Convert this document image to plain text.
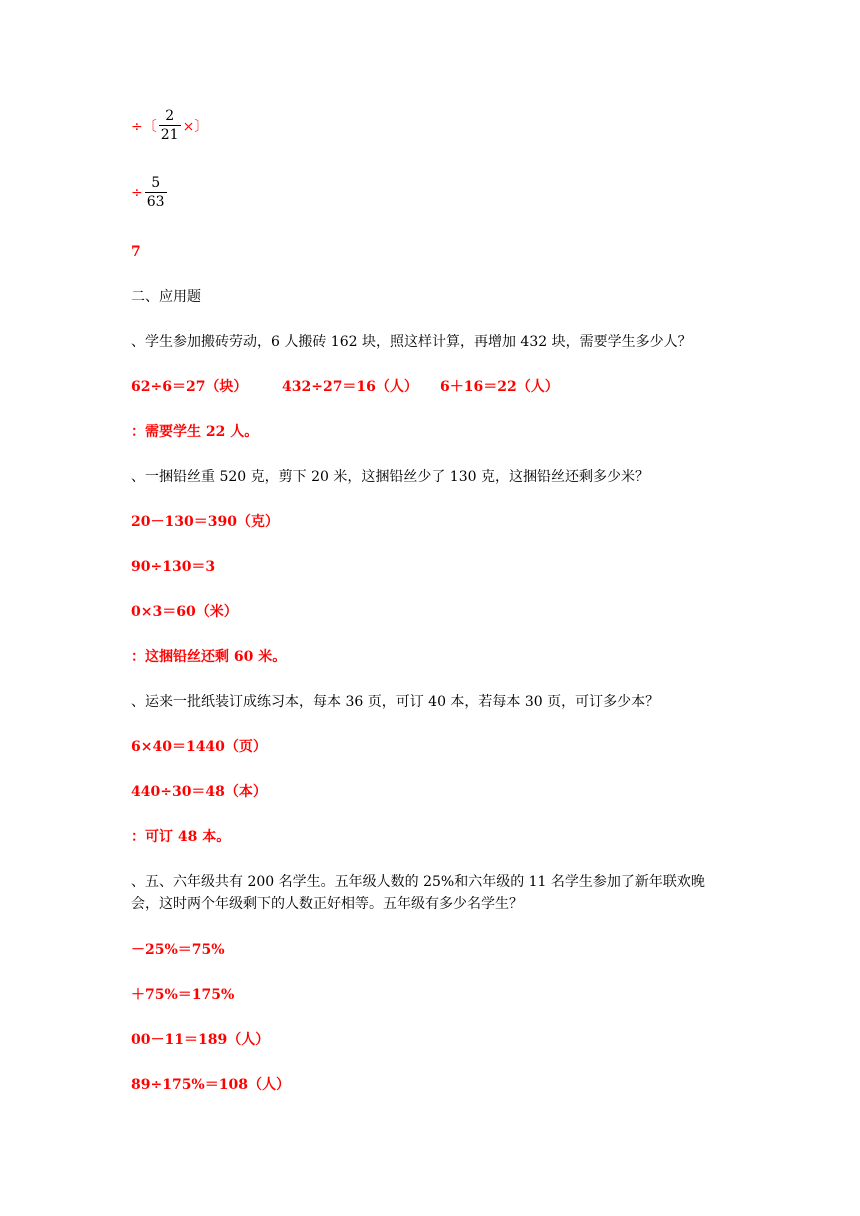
÷〔 $\frac{2}{21}$ ×〕
÷ $\frac{5}{63}$
7
二、应用题
、学生参加搬砖劳动，6 人搬砖 162 块，照这样计算，再增加 432 块，需要学生多少人？
62÷6＝27（块） 432÷27＝16（人） 6＋16＝22（人）
：需要学生 22 人。
、一捆铅丝重 520 克，剪下 20 米，这捆铅丝少了 130 克，这捆铅丝还剩多少米？
20－130＝390（克）
90÷130＝3
0×3＝60（米）
：这捆铅丝还剩 60 米。
、运来一批纸装订成练习本，每本 36 页，可订 40 本，若每本 30 页，可订多少本？
6×40＝1440（页）
440÷30＝48（本）
：可订 48 本。
、五、六年级共有 200 名学生。五年级人数的 25%和六年级的 11 名学生参加了新年联欢晚会，这时两个年级剩下的人数正好相等。五年级有多少名学生？
－25%＝75%
＋75%＝175%
00－11＝189（人）
89÷175%＝108（人）
